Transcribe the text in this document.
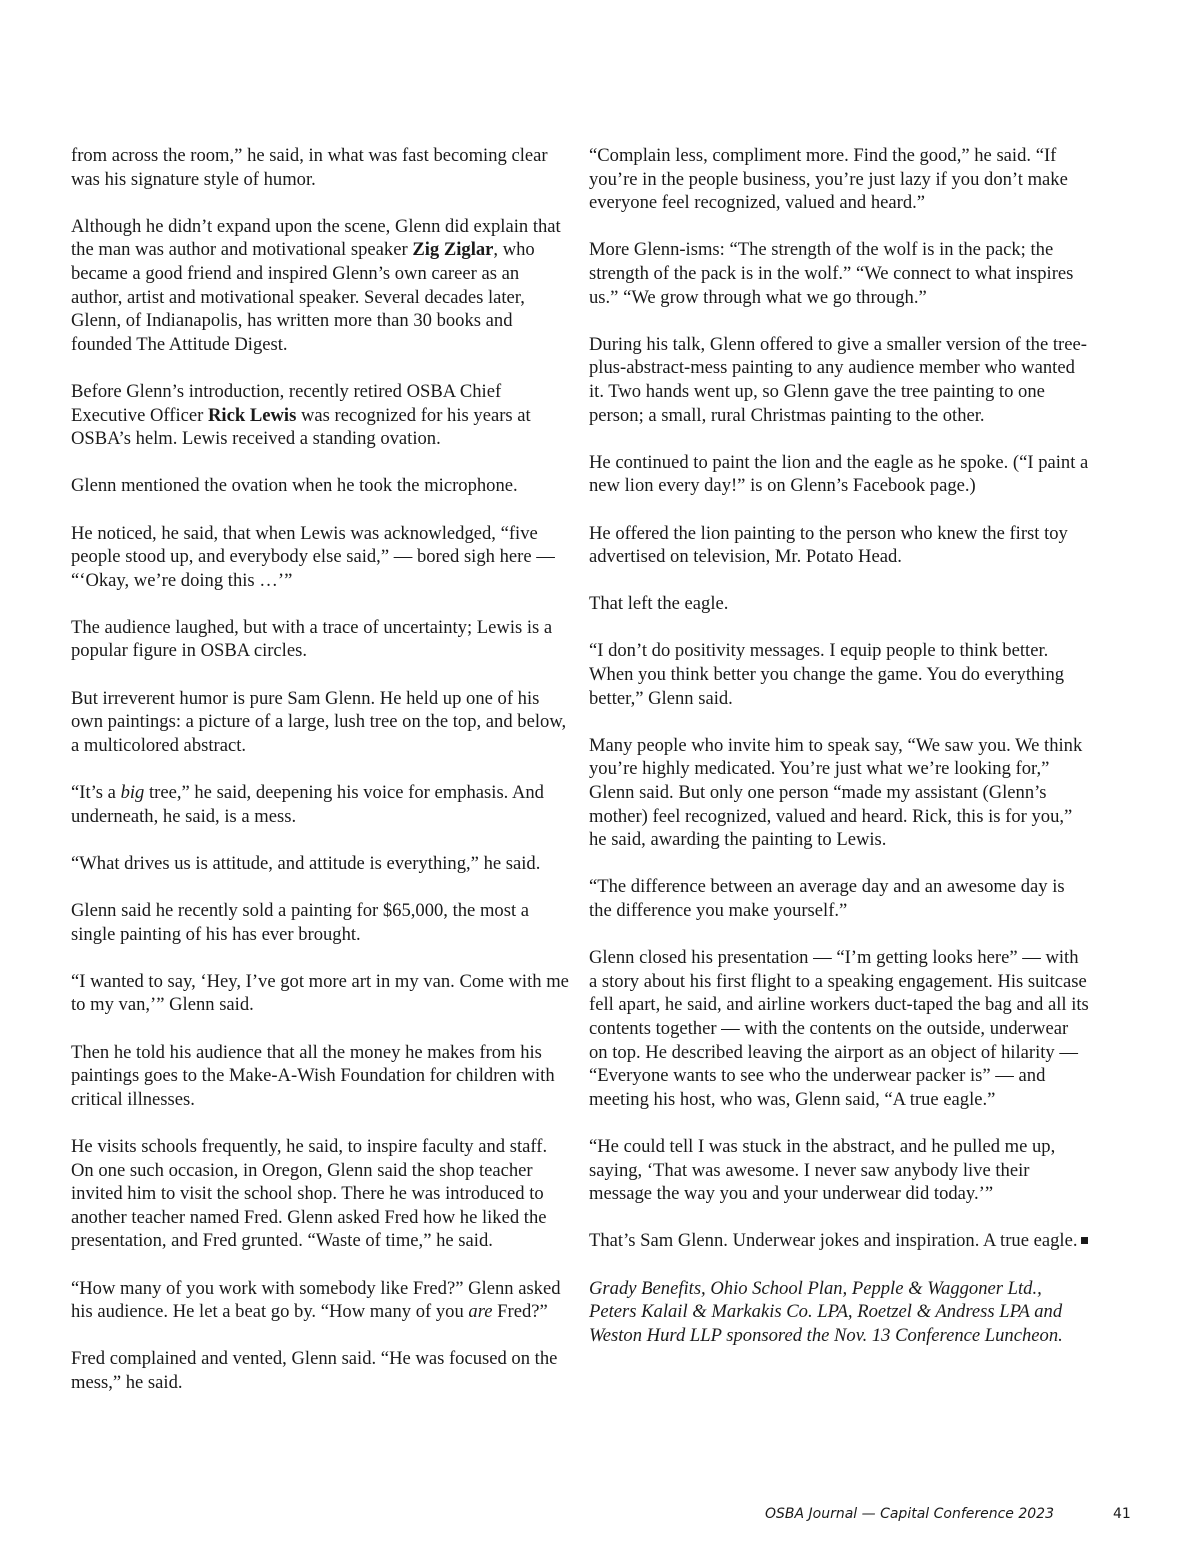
from across the room,” he said, in what was fast becoming clear was his signature style of humor.

Although he didn’t expand upon the scene, Glenn did explain that the man was author and motivational speaker Zig Ziglar, who became a good friend and inspired Glenn’s own career as an author, artist and motivational speaker. Several decades later, Glenn, of Indianapolis, has written more than 30 books and founded The Attitude Digest.

Before Glenn’s introduction, recently retired OSBA Chief Executive Officer Rick Lewis was recognized for his years at OSBA’s helm. Lewis received a standing ovation.

Glenn mentioned the ovation when he took the microphone.

He noticed, he said, that when Lewis was acknowledged, “five people stood up, and everybody else said,” — bored sigh here — “‘Okay, we’re doing this …’”

The audience laughed, but with a trace of uncertainty; Lewis is a popular figure in OSBA circles.

But irreverent humor is pure Sam Glenn. He held up one of his own paintings: a picture of a large, lush tree on the top, and below, a multicolored abstract.

“It’s a big tree,” he said, deepening his voice for emphasis. And underneath, he said, is a mess.

“What drives us is attitude, and attitude is everything,” he said.

Glenn said he recently sold a painting for $65,000, the most a single painting of his has ever brought.

“I wanted to say, ‘Hey, I’ve got more art in my van. Come with me to my van,’” Glenn said.

Then he told his audience that all the money he makes from his paintings goes to the Make-A-Wish Foundation for children with critical illnesses.

He visits schools frequently, he said, to inspire faculty and staff. On one such occasion, in Oregon, Glenn said the shop teacher invited him to visit the school shop. There he was introduced to another teacher named Fred. Glenn asked Fred how he liked the presentation, and Fred grunted. “Waste of time,” he said.

“How many of you work with somebody like Fred?” Glenn asked his audience. He let a beat go by. “How many of you are Fred?”

Fred complained and vented, Glenn said. “He was focused on the mess,” he said.

“Complain less, compliment more. Find the good,” he said. “If you’re in the people business, you’re just lazy if you don’t make everyone feel recognized, valued and heard.”

More Glenn-isms: “The strength of the wolf is in the pack; the strength of the pack is in the wolf.” “We connect to what inspires us.” “We grow through what we go through.”

During his talk, Glenn offered to give a smaller version of the tree-plus-abstract-mess painting to any audience member who wanted it. Two hands went up, so Glenn gave the tree painting to one person; a small, rural Christmas painting to the other.

He continued to paint the lion and the eagle as he spoke. (“I paint a new lion every day!” is on Glenn’s Facebook page.)

He offered the lion painting to the person who knew the first toy advertised on television, Mr. Potato Head.

That left the eagle.

“I don’t do positivity messages. I equip people to think better. When you think better you change the game. You do everything better,” Glenn said.

Many people who invite him to speak say, “We saw you. We think you’re highly medicated. You’re just what we’re looking for,” Glenn said. But only one person “made my assistant (Glenn’s mother) feel recognized, valued and heard. Rick, this is for you,” he said, awarding the painting to Lewis.

“The difference between an average day and an awesome day is the difference you make yourself.”

Glenn closed his presentation — “I’m getting looks here” — with a story about his first flight to a speaking engagement. His suitcase fell apart, he said, and airline workers duct-taped the bag and all its contents together — with the contents on the outside, underwear on top. He described leaving the airport as an object of hilarity — “Everyone wants to see who the underwear packer is” — and meeting his host, who was, Glenn said, “A true eagle.”

“He could tell I was stuck in the abstract, and he pulled me up, saying, ‘That was awesome. I never saw anybody live their message the way you and your underwear did today.’”

That’s Sam Glenn. Underwear jokes and inspiration. A true eagle.

Grady Benefits, Ohio School Plan, Pepple & Waggoner Ltd., Peters Kalail & Markakis Co. LPA, Roetzel & Andress LPA and Weston Hurd LLP sponsored the Nov. 13 Conference Luncheon.

OSBA Journal — Capital Conference 2023	41
